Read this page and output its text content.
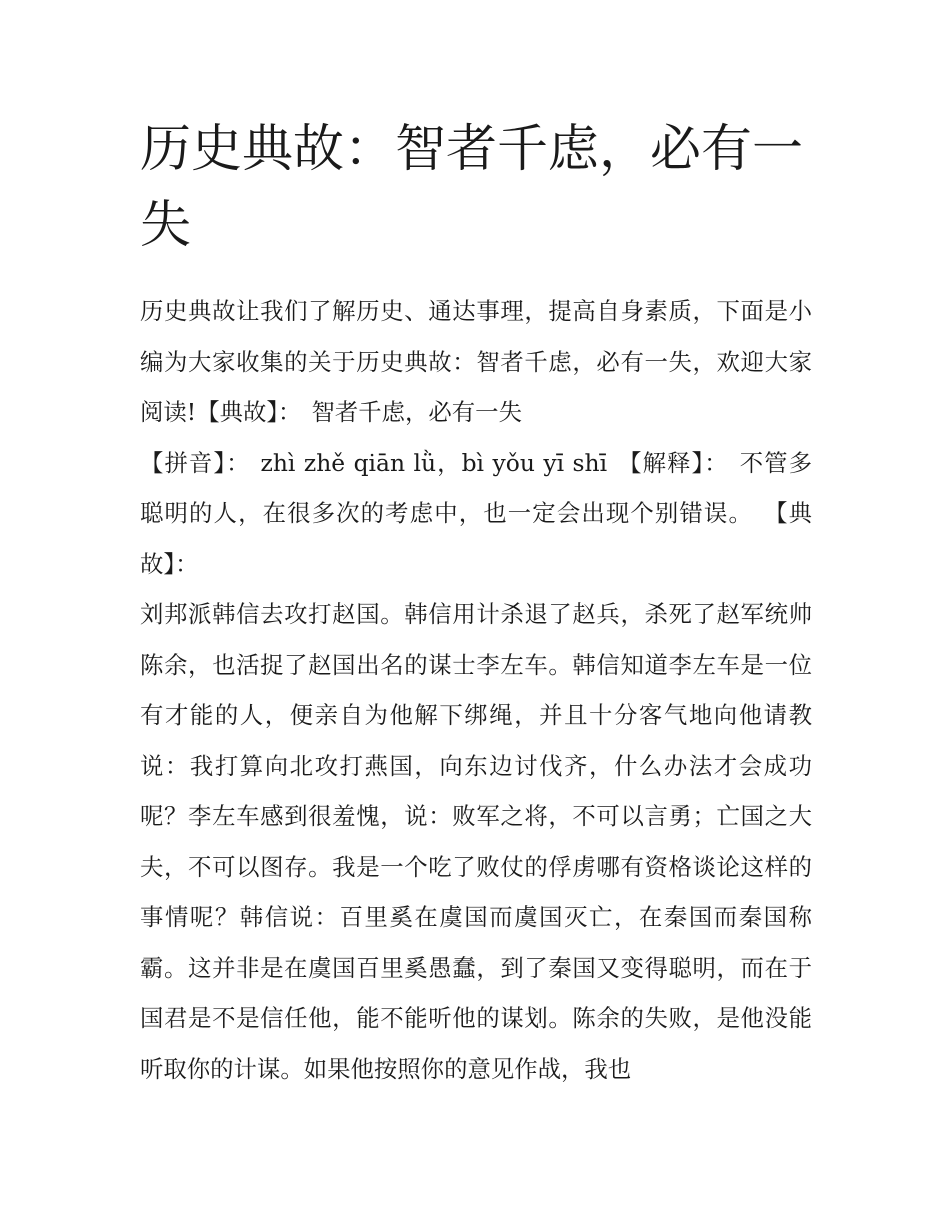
历史典故：智者千虑，必有一失

历史典故让我们了解历史、通达事理，提高自身素质，下面是小编为大家收集的关于历史典故：智者千虑，必有一失，欢迎大家阅读!【典故】： 智者千虑，必有一失

【拼音】： zhì zhě qiān lǜ，bì yǒu yī shī 【解释】： 不管多聪明的人，在很多次的考虑中，也一定会出现个别错误。 【典故】：

刘邦派韩信去攻打赵国。韩信用计杀退了赵兵，杀死了赵军统帅陈余，也活捉了赵国出名的谋士李左车。韩信知道李左车是一位有才能的人，便亲自为他解下绑绳，并且十分客气地向他请教说：我打算向北攻打燕国，向东边讨伐齐，什么办法才会成功呢？李左车感到很羞愧，说：败军之将，不可以言勇；亡国之大夫，不可以图存。我是一个吃了败仗的俘虏哪有资格谈论这样的事情呢？韩信说：百里奚在虞国而虞国灭亡，在秦国而秦国称霸。这并非是在虞国百里奚愚蠢，到了秦国又变得聪明，而在于国君是不是信任他，能不能听他的谋划。陈余的失败，是他没能听取你的计谋。如果他按照你的意见作战，我也
